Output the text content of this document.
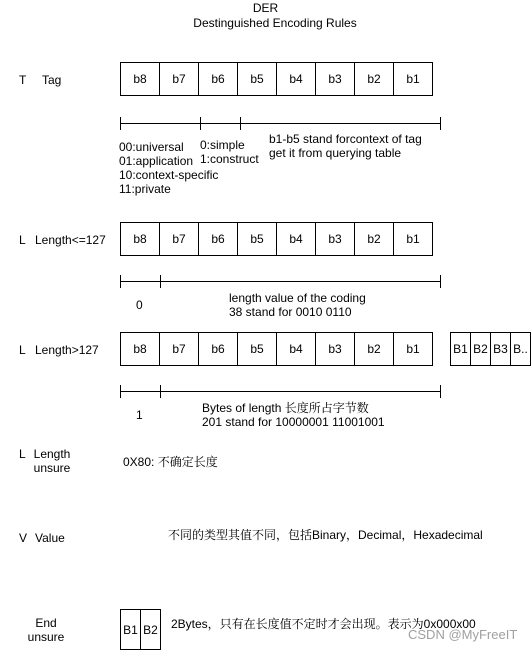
DER
Destinguished Encoding Rules
T Tag	b8	b7	b6	b5	b4	b3	b2	b1
00:universal
01:application
10:context-specific
11:private
0:simple
1:construct
b1-b5 stand forcontext of tag
get it from querying table
L Length<=127	b8	b7	b6	b5	b4	b3	b2	b1
0	length value of the coding
38 stand for 0010 0110
L Length>127	b8	b7	b6	b5	b4	b3	b2	b1	B1 B2 B3 B..
1	Bytes of length 长度所占字节数
201 stand for 10000001 11001001
L Length
unsure	0X80: 不确定长度
V Value	不同的类型其值不同，包括Binary，Decimal，Hexadecimal
End
unsure
B1 B2 2Bytes，只有在长度值不定时才会出现。表示为0x000x00
CSDN @MyFreeIT
